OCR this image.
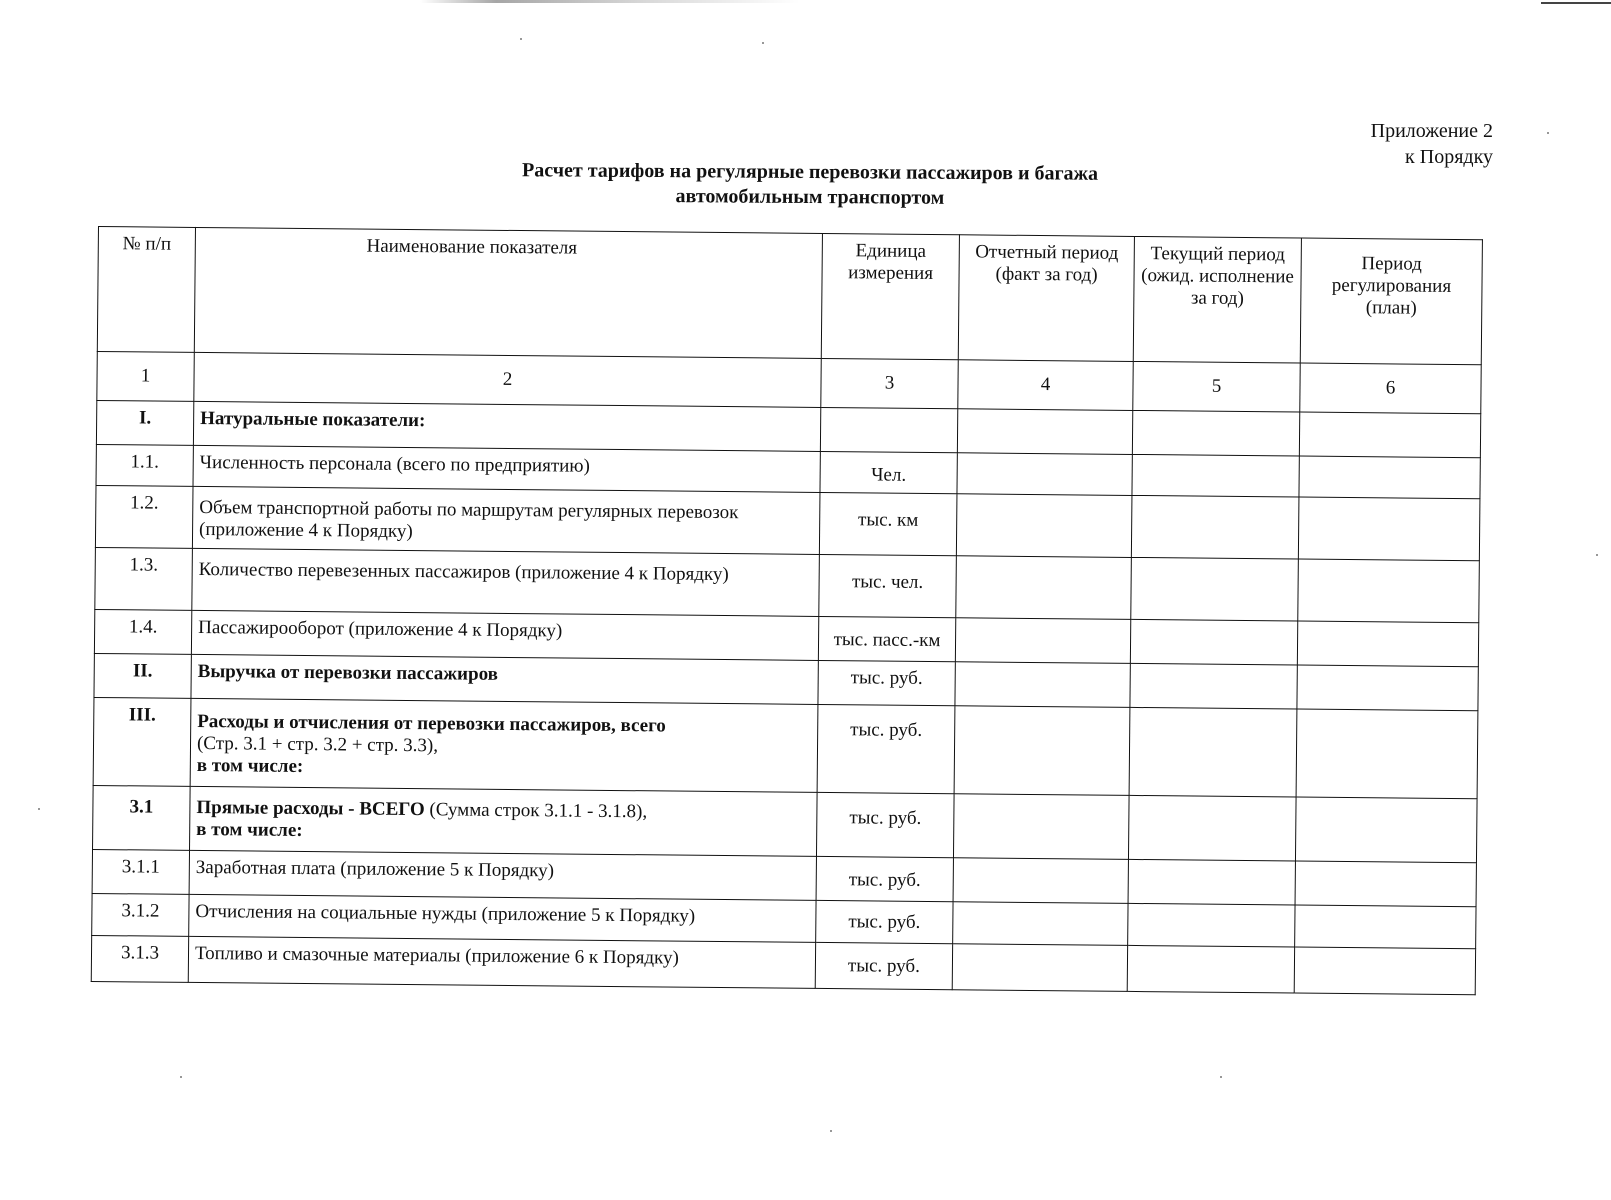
Приложение 2
к Порядку
Расчет тарифов на регулярные перевозки пассажиров и багажа
автомобильным транспортом
№ п/п	Наименование показателя	Единица измерения	Отчетный период (факт за год)	Текущий период (ожид. исполнение за год)	Период регулирования (план)
1	2	3	4	5	6
I.	Натуральные показатели:				
1.1.	Численность персонала (всего по предприятию)	Чел.			
1.2.	Объем транспортной работы по маршрутам регулярных перевозок (приложение 4 к Порядку)	тыс. км			
1.3.	Количество перевезенных пассажиров (приложение 4 к Порядку)	тыс. чел.			
1.4.	Пассажирооборот (приложение 4 к Порядку)	тыс. пасс.-км			
II.	Выручка от перевозки пассажиров	тыс. руб.			
III.	Расходы и отчисления от перевозки пассажиров, всего
(Стр. 3.1 + стр. 3.2 + стр. 3.3),
в том числе:	тыс. руб.			
3.1	Прямые расходы - ВСЕГО (Сумма строк 3.1.1 - 3.1.8),
в том числе:	тыс. руб.			
3.1.1	Заработная плата (приложение 5 к Порядку)	тыс. руб.			
3.1.2	Отчисления на социальные нужды (приложение 5 к Порядку)	тыс. руб.			
3.1.3	Топливо и смазочные материалы (приложение 6 к Порядку)	тыс. руб.			
